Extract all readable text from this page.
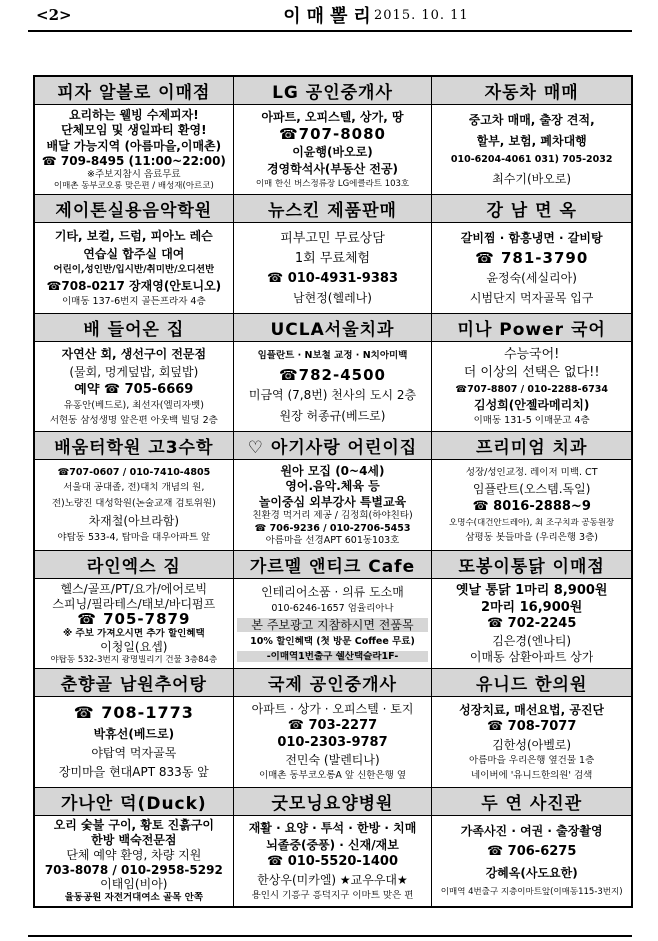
<2>	이매뽈리
2015. 10. 11
피자 알볼로 이매점
요리하는 웰빙 수제피자!
단체모임 및 생일파티 환영!
배달 가능지역 (아름마을,이매촌)
☎ 709-8495 (11:00~22:00)
※주보지참시 음료무료
이매촌 동부코오롱 맞은편 / 배성재(아르코)
LG 공인중개사
아파트, 오피스텔, 상가, 땅
☎707-8080
이윤행(바오로)
경영학석사(부동산 전공)
이매 한신 버스정류장 LG에클라트 103호
자동차 매매
중고차 매매, 출장 견적,
할부, 보험, 폐차대행
010-6204-4061 031) 705-2032
최수기(바오로)
제이톤실용음악학원
기타, 보컬, 드럼, 피아노 레슨
연습실 합주실 대여
어린이,성인반/입시반/취미반/오디션반
☎708-0217 장재영(안토니오)
이매동 137-6번지 골든프라자 4층
뉴스킨 제품판매
피부고민 무료상담
1회 무료체험
☎ 010-4931-9383
남현정(헬레나)
강 남 면 옥
갈비찜 · 함흥냉면 · 갈비탕
☎ 781-3790
윤정숙(세실리아)
시범단지 먹자골목 입구
배 들어온 집
자연산 회, 생선구이 전문점
(물회, 멍게덮밥, 회덮밥)
예약 ☎ 705-6669
유홍안(베드로), 최선자(엘리자벳)
서현동 삼성생명 앞은편 아웃백 빌딩 2층
UCLA서울치과
임플란트 · N보철 교정 · N치아미백
☎782-4500
미금역 (7,8번) 천사의 도시 2층
원장 허종규(베드로)
미나 Power 국어
수능국어!
더 이상의 선택은 없다!!
☎707-8807 / 010-2288-6734
김성희(안젤라메리치)
이매동 131-5 이매문고 4층
배움터학원 고3수학
☎707-0607 / 010-7410-4805
서울대 공대졸, 전)대치 개념의 원,
전)노량진 대성학원(논술교재 검토위원)
차재철(아브라함)
야탑동 533-4, 탑마을 대우아파트 앞
♡ 아기사랑 어린이집
원아 모집 (0~4세)
영어.음악.체육 등
놀이중심 외부강사 특별교육
친환경 먹거리 제공 / 김정희(하야친타)
☎ 706-9236 / 010-2706-5453
아름마을 선경APT 601동103호
프리미엄 치과
성장/성인교정. 레이저 미백. CT
임플란트(오스템.독일)
☎ 8016-2888~9
오명수(대건안드레아), 최 조구치과 공동원장
삼평동 봇들마을 (우리은행 3층)
라인엑스 짐
헬스/골프/PT/요가/에어로빅
스피닝/필라테스/태보/바디펌프
☎ 705-7879
※ 주보 가져오시면 추가 할인혜택
이청일(요셉)
야탑동 532-3번지 광명빌리기 건물 3층84층
가르멜 앤티크 Cafe
인테리어소품 · 의류 도소매
010-6246-1657 엄율리아나
본 주보광고 지참하시면 전품목
10% 할인혜택 (첫 방문 Coffee 무료)
-이매역1번출구 쉘산택슬라1F-
또봉이통닭 이매점
옛날 통닭 1마리 8,900원
2마리 16,900원
☎ 702-2245
김은경(엔나티)
이매동 삼환아파트 상가
춘향골 남원추어탕
☎ 708-1773
박휴선(베드로)
야탑역 먹자골목
장미마을 현대APT 833동 앞
국제 공인중개사
아파트 · 상가 · 오피스텔 · 토지
☎ 703-2277
010-2303-9787
전민숙 (발렌티나)
이매촌 동부코오롱A 앞 신한은행 옆
유니드 한의원
성장치료, 매선요법, 공진단
☎ 708-7077
김한성(아벨로)
아름마을 우리은행 옆건물 1층
네이버에 '유니드한의원' 검색
가나안 덕(Duck)
오리 숯불 구이, 황토 진흙구이
한방 백숙전문점
단체 예약 환영, 차량 지원
703-8078 / 010-2958-5292
이태임(비아)
율동공원 자전거대여소 골목 안쪽
굿모닝요양병원
재활 · 요양 · 투석 · 한방 · 치매
뇌졸중(중풍) · 신재/재보
☎ 010-5520-1400
한상우(미카엘) ★교우우대★
용인시 기흥구 흥덕지구 이마트 맞은 편
두 연 사진관
가족사진 · 여권 · 출장촬영
☎ 706-6275
강혜옥(사도요한)
이매역 4번출구 지층이마트앞(이매동115-3번지)
